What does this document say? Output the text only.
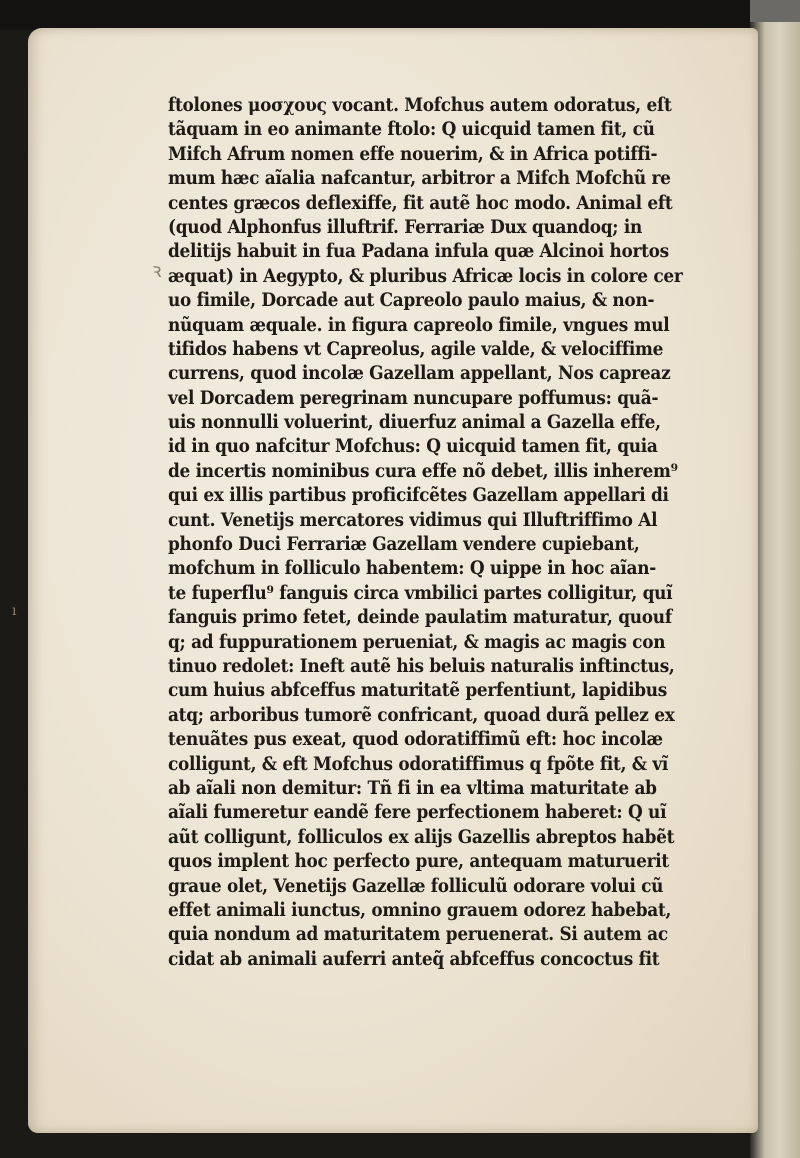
ꝛ
ı
ftolones μοσχους vocant. Mofchus autem odoratus, eſt
tãquam in eo animante ftolo: Q uicquid tamen fit, cũ
Mifch Afrum nomen effe nouerim, & in Africa potiffi-
mum hæc aĩalia nafcantur, arbitror a Mifch Mofchũ re
centes græcos deflexiffe, fit autẽ hoc modo. Animal eft
(quod Alphonfus illuftrif. Ferrariæ Dux quandoq; in
delitijs habuit in fua Padana infula quæ Alcinoi hortos
æquat) in Aegypto, & pluribus Africæ locis in colore cer
uo fimile, Dorcade aut Capreolo paulo maius, & non-
nũquam æquale. in figura capreolo fimile, vngues mul
tifidos habens vt Capreolus, agile valde, & velociffime
currens, quod incolæ Gazellam appellant, Nos capreaz
vel Dorcadem peregrinam nuncupare poffumus: quã-
uis nonnulli voluerint, diuerfuz animal a Gazella effe,
id in quo nafcitur Mofchus: Q uicquid tamen fit, quia
de incertis nominibus cura effe nõ debet, illis inherem⁹
qui ex illis partibus proficifcẽtes Gazellam appellari di
cunt. Venetijs mercatores vidimus qui Illuftriffimo Al
phonfo Duci Ferrariæ Gazellam vendere cupiebant,
mofchum in folliculo habentem: Q uippe in hoc aĩan-
te fuperflu⁹ fanguis circa vmbilici partes colligitur, quĩ
fanguis primo fetet, deinde paulatim maturatur, quouf
q; ad fuppurationem perueniat, & magis ac magis con
tinuo redolet: Ineft autẽ his beluis naturalis inftinctus,
cum huius abfceffus maturitatẽ perfentiunt, lapidibus
atq; arboribus tumorẽ confricant, quoad durã pellez ex
tenuãtes pus exeat, quod odoratiffimũ eft: hoc incolæ
colligunt, & eft Mofchus odoratiffimus q fpõte fit, & vĩ
ab aĩali non demitur: Tñ fi in ea vltima maturitate ab
aĩali fumeretur eandẽ fere perfectionem haberet: Q uĩ
aũt colligunt, folliculos ex alijs Gazellis abreptos habẽt
quos implent hoc perfecto pure, antequam maturuerit
graue olet, Venetijs Gazellæ folliculũ odorare volui cũ
effet animali iunctus, omnino grauem odorez habebat,
quia nondum ad maturitatem peruenerat. Si autem ac
cidat ab animali auferri anteq̃ abfceffus concoctus fit
